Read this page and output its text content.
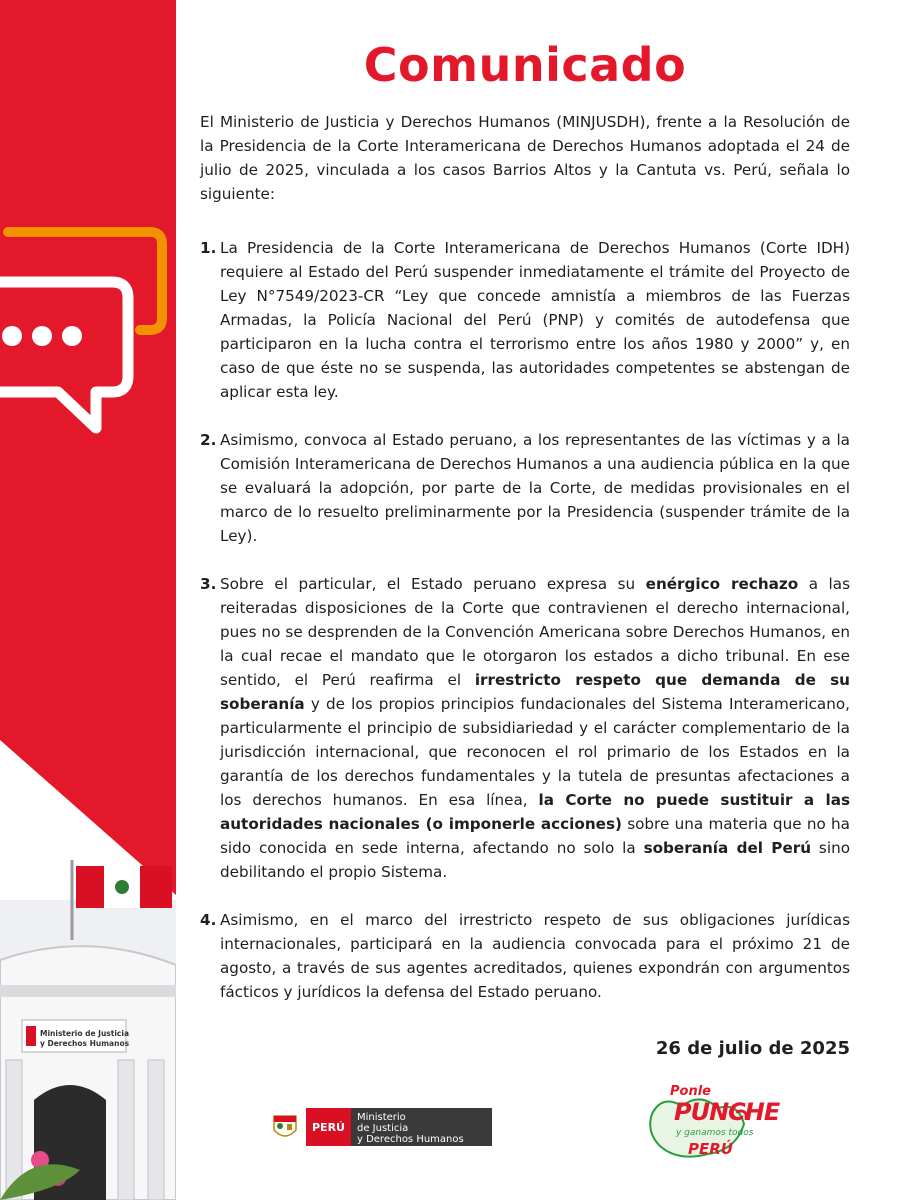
Ministerio de Justicia
y Derechos Humanos
Comunicado

El Ministerio de Justicia y Derechos Humanos (MINJUSDH), frente a la Resolución de la Presidencia de la Corte Interamericana de Derechos Humanos adoptada el 24 de julio de 2025, vinculada a los casos Barrios Altos y la Cantuta vs. Perú, señala lo siguiente:

1. La Presidencia de la Corte Interamericana de Derechos Humanos (Corte IDH) requiere al Estado del Perú suspender inmediatamente el trámite del Proyecto de Ley N°7549/2023-CR “Ley que concede amnistía a miembros de las Fuerzas Armadas, la Policía Nacional del Perú (PNP) y comités de autodefensa que participaron en la lucha contra el terrorismo entre los años 1980 y 2000” y, en caso de que éste no se suspenda, las autoridades competentes se abstengan de aplicar esta ley.

2. Asimismo, convoca al Estado peruano, a los representantes de las víctimas y a la Comisión Interamericana de Derechos Humanos a una audiencia pública en la que se evaluará la adopción, por parte de la Corte, de medidas provisionales en el marco de lo resuelto preliminarmente por la Presidencia (suspender trámite de la Ley).

3. Sobre el particular, el Estado peruano expresa su enérgico rechazo a las reiteradas disposiciones de la Corte que contravienen el derecho internacional, pues no se desprenden de la Convención Americana sobre Derechos Humanos, en la cual recae el mandato que le otorgaron los estados a dicho tribunal. En ese sentido, el Perú reafirma el irrestricto respeto que demanda de su soberanía y de los propios principios fundacionales del Sistema Interamericano, particularmente el principio de subsidiariedad y el carácter complementario de la jurisdicción internacional, que reconocen el rol primario de los Estados en la garantía de los derechos fundamentales y la tutela de presuntas afectaciones a los derechos humanos. En esa línea, la Corte no puede sustituir a las autoridades nacionales (o imponerle acciones) sobre una materia que no ha sido conocida en sede interna, afectando no solo la soberanía del Perú sino debilitando el propio Sistema.

4. Asimismo, en el marco del irrestricto respeto de sus obligaciones jurídicas internacionales, participará en la audiencia convocada para el próximo 21 de agosto, a través de sus agentes acreditados, quienes expondrán con argumentos fácticos y jurídicos la defensa del Estado peruano.

26 de julio de 2025
PERÚ
Ministerio
de Justicia
y Derechos Humanos
Ponle
PUNCHE
y ganamos todos
PERÚ
